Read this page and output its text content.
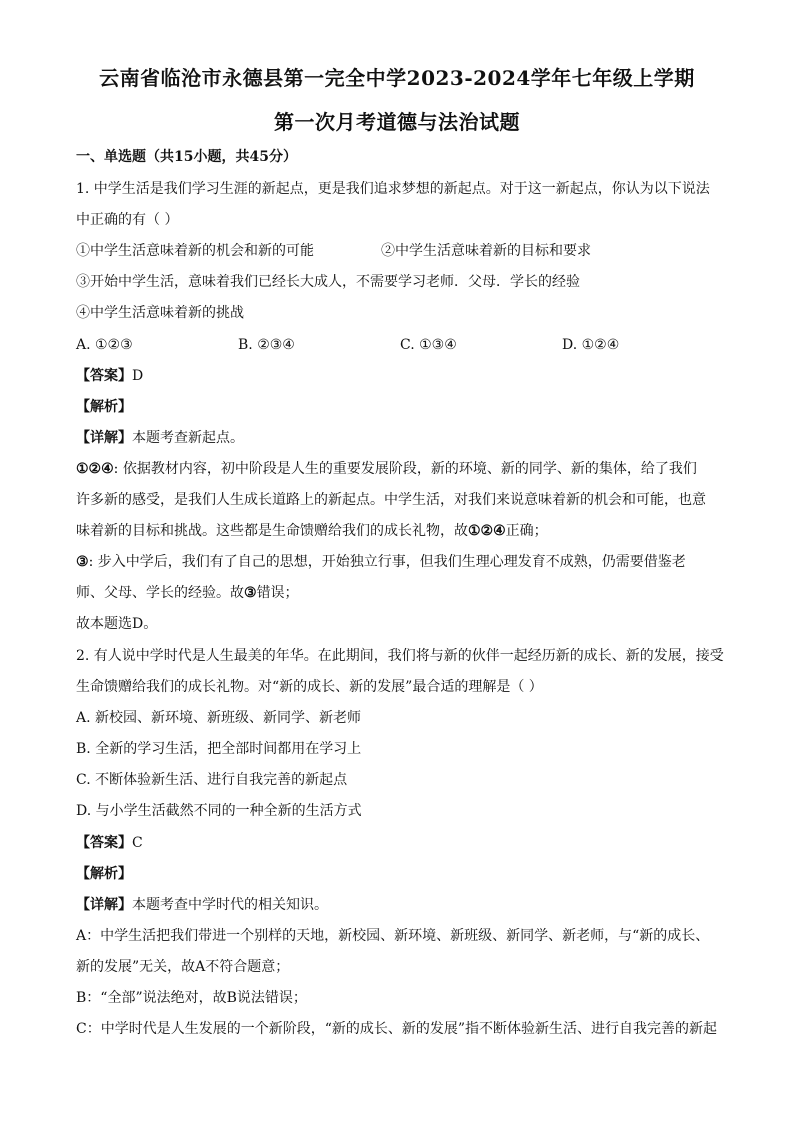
云南省临沧市永德县第一完全中学2023-2024学年七年级上学期
第一次月考道德与法治试题
一、单选题（共15小题，共45分）
1. 中学生活是我们学习生涯的新起点，更是我们追求梦想的新起点。对于这一新起点，你认为以下说法
中正确的有（ ）
①中学生活意味着新的机会和新的可能	②中学生活意味着新的目标和要求
③开始中学生活，意味着我们已经长大成人，不需要学习老师．父母．学长的经验
④中学生活意味着新的挑战
A. ①②③	B. ②③④	C. ①③④	D. ①②④
【答案】D
【解析】
【详解】本题考查新起点。
①②④: 依据教材内容，初中阶段是人生的重要发展阶段，新的环境、新的同学、新的集体，给了我们
许多新的感受，是我们人生成长道路上的新起点。中学生活，对我们来说意味着新的机会和可能，也意
味着新的目标和挑战。这些都是生命馈赠给我们的成长礼物，故①②④正确；
③: 步入中学后，我们有了自己的思想，开始独立行事，但我们生理心理发育不成熟，仍需要借鉴老
师、父母、学长的经验。故③错误；
故本题选D。
2. 有人说中学时代是人生最美的年华。在此期间，我们将与新的伙伴一起经历新的成长、新的发展，接受
生命馈赠给我们的成长礼物。对“新的成长、新的发展”最合适的理解是（ ）
A. 新校园、新环境、新班级、新同学、新老师
B. 全新的学习生活，把全部时间都用在学习上
C. 不断体验新生活、进行自我完善的新起点
D. 与小学生活截然不同的一种全新的生活方式
【答案】C
【解析】
【详解】本题考查中学时代的相关知识。
A：中学生活把我们带进一个别样的天地，新校园、新环境、新班级、新同学、新老师，与“新的成长、
新的发展”无关，故A不符合题意；
B：“全部”说法绝对，故B说法错误；
C：中学时代是人生发展的一个新阶段，“新的成长、新的发展”指不断体验新生活、进行自我完善的新起
